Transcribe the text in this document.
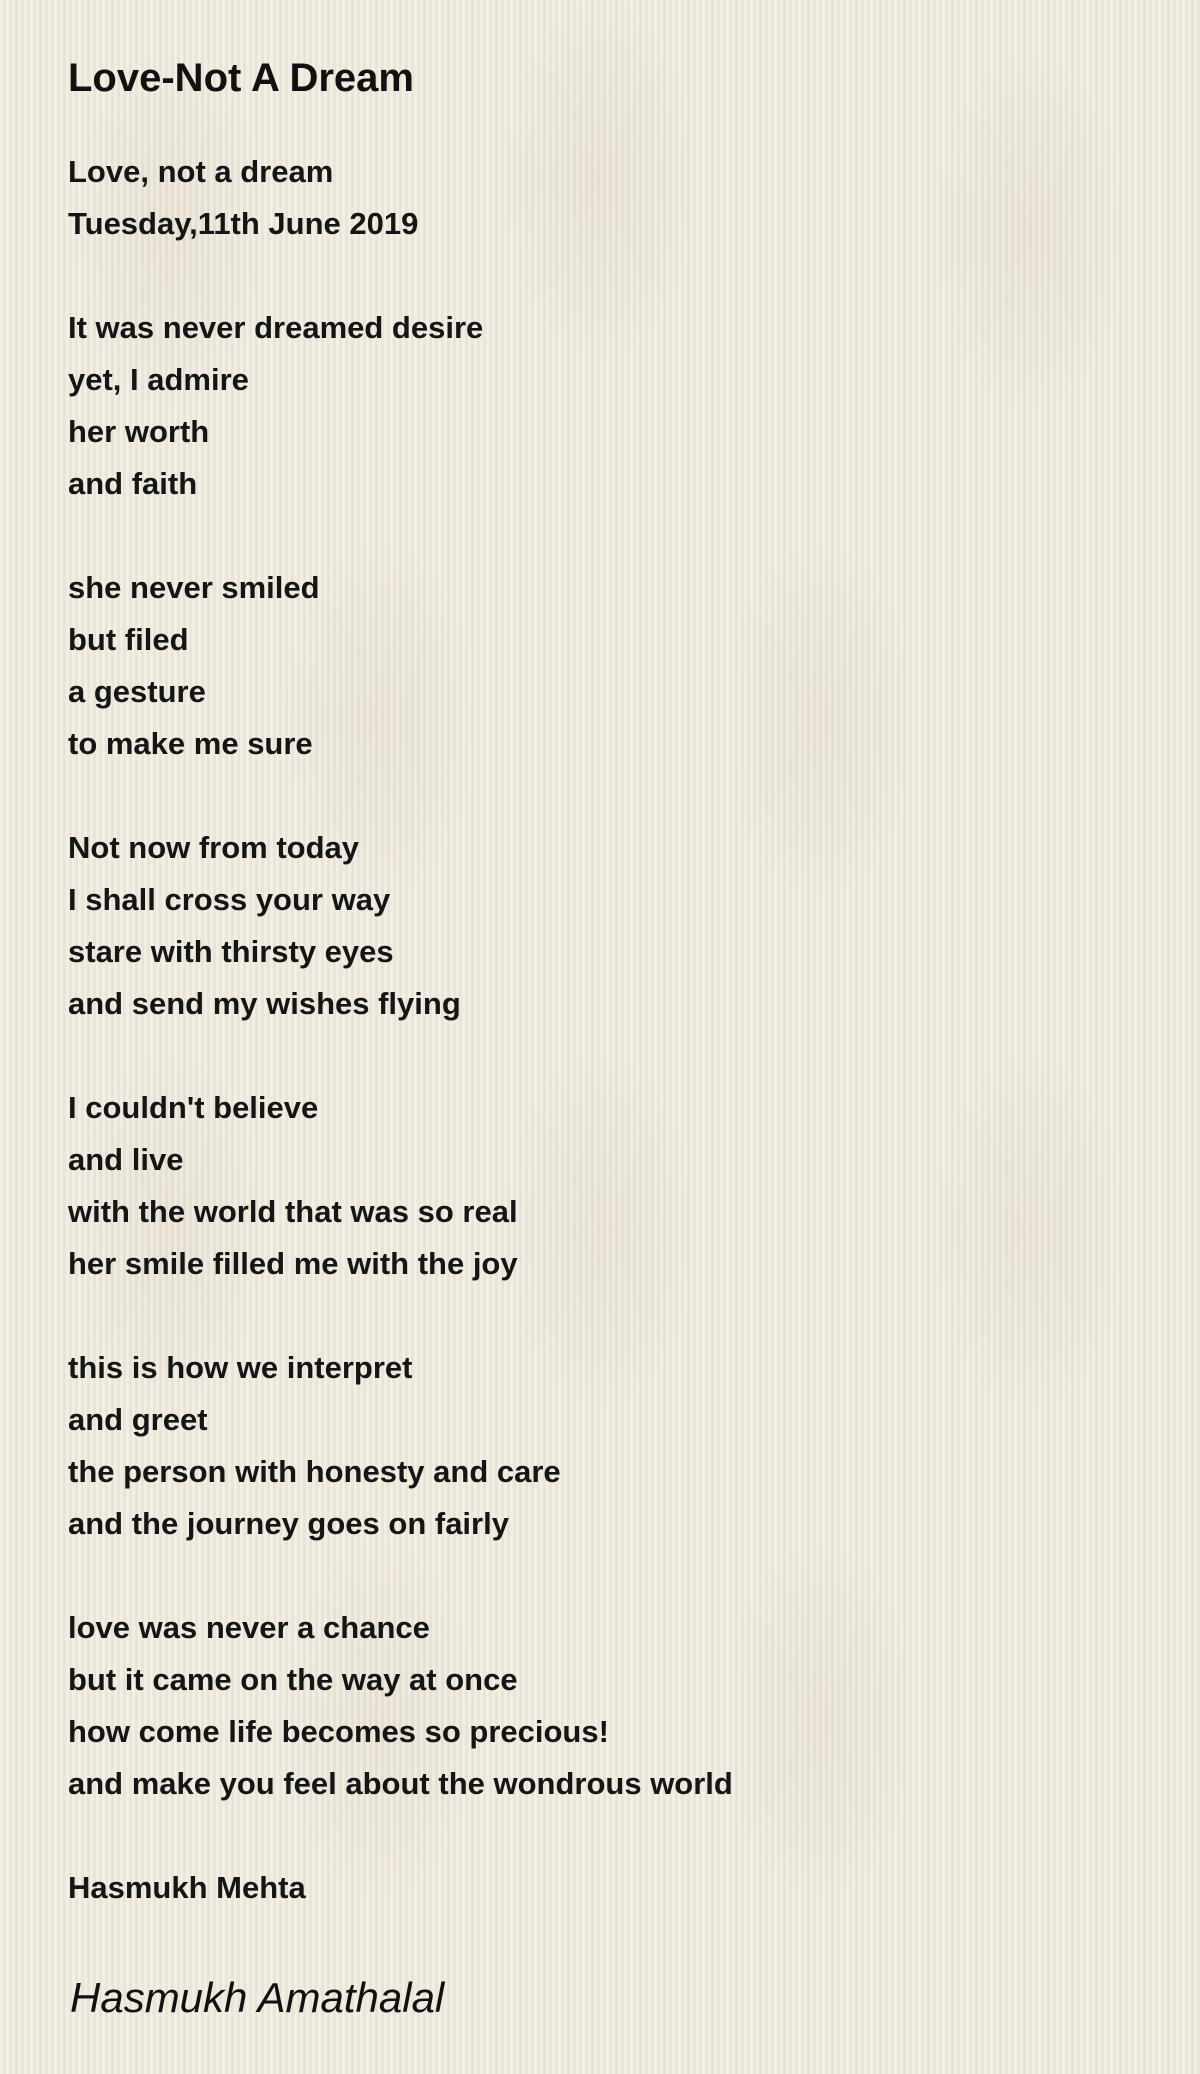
Love-Not A Dream
Love, not a dream
Tuesday,11th June 2019
It was never dreamed desire
yet, I admire
her worth
and faith
she never smiled
but filed
a gesture
to make me sure
Not now from today
I shall cross your way
stare with thirsty eyes
and send my wishes flying
I couldn't believe
and live
with the world that was so real
her smile filled me with the joy
this is how we interpret
and greet
the person with honesty and care
and the journey goes on fairly
love was never a chance
but it came on the way at once
how come life becomes so precious!
and make you feel about the wondrous world
Hasmukh Mehta
Hasmukh Amathalal
